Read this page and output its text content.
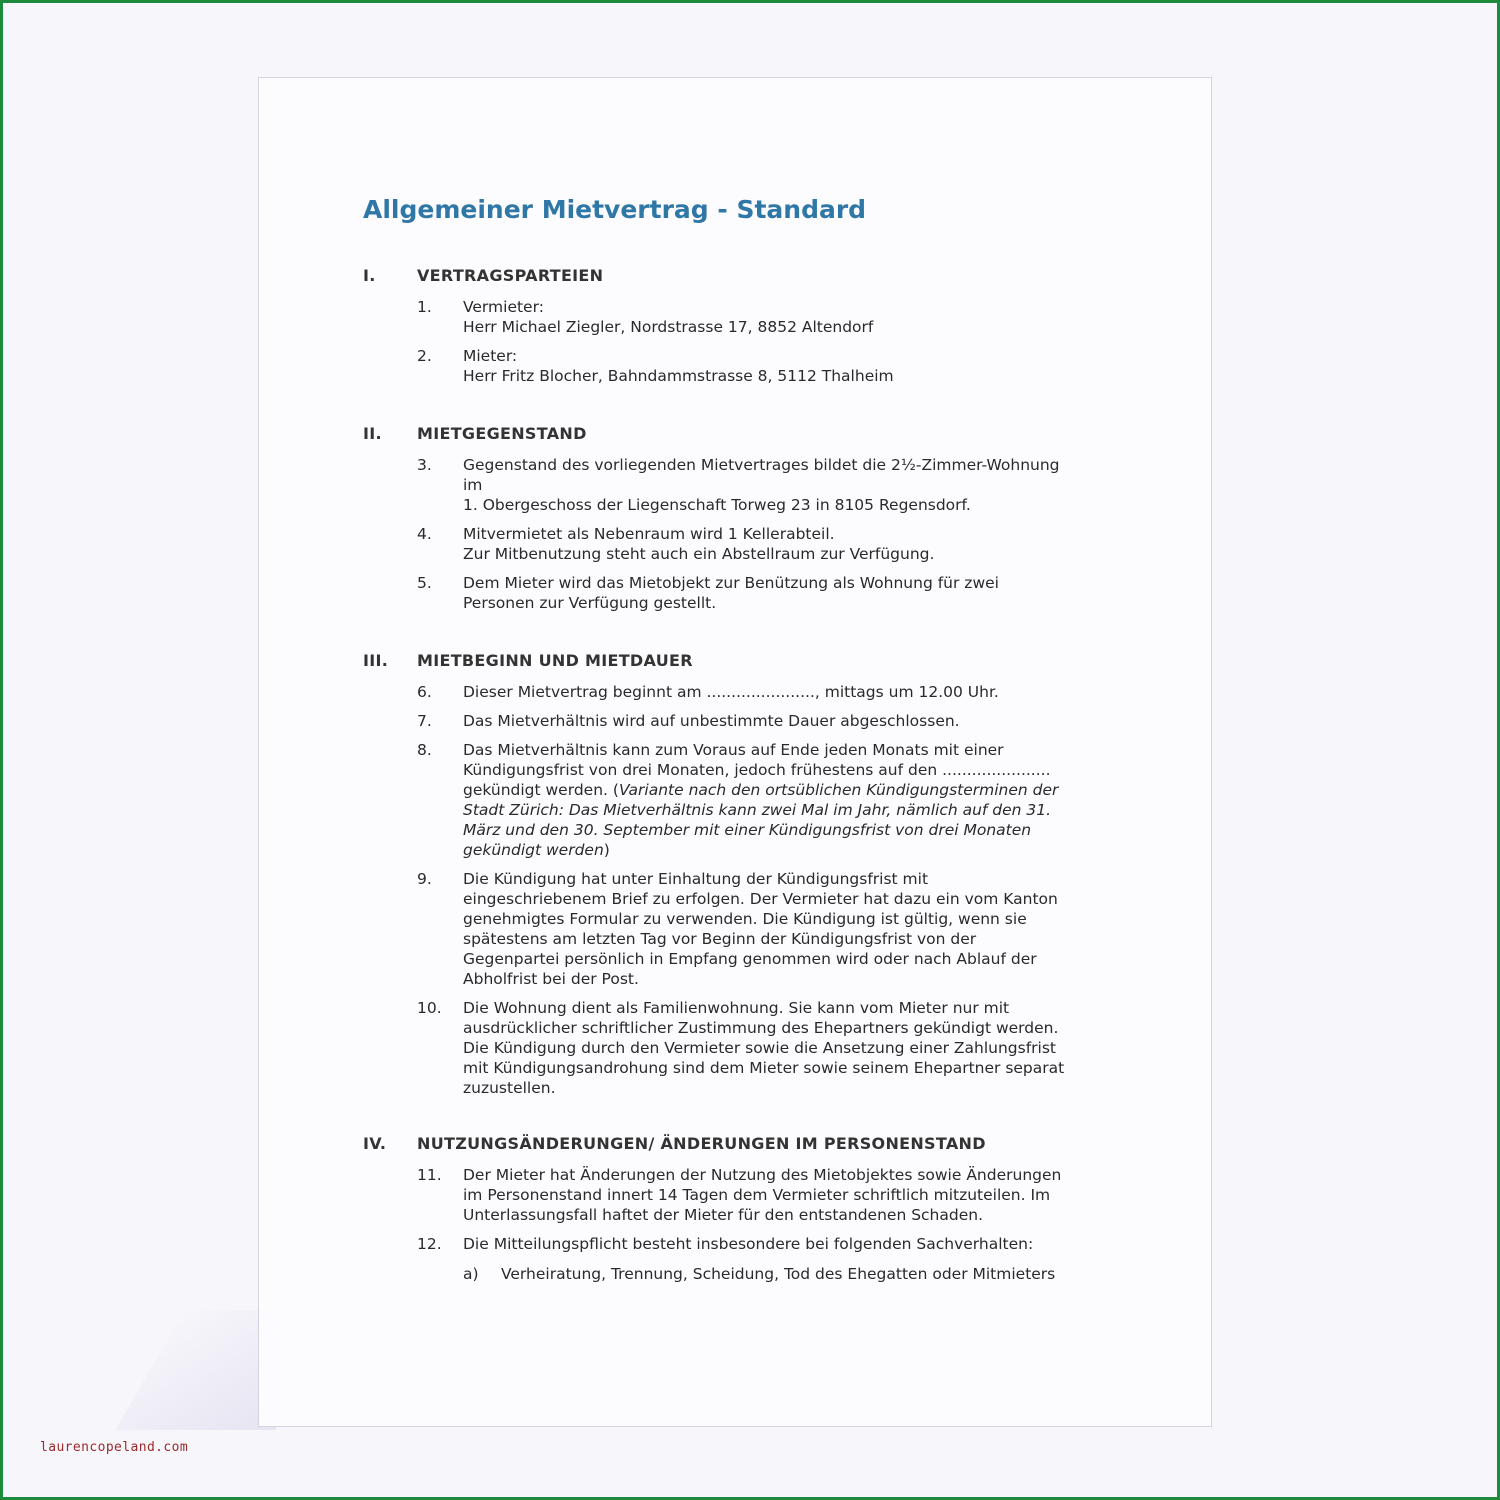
Allgemeiner Mietvertrag - Standard
I.	VERTRAGSPARTEIEN
1. Vermieter:
Herr Michael Ziegler, Nordstrasse 17, 8852 Altendorf
2. Mieter:
Herr Fritz Blocher, Bahndammstrasse 8, 5112 Thalheim
II. MIETGEGENSTAND
3. Gegenstand des vorliegenden Mietvertrages bildet die 2½-Zimmer-Wohnung
im
1. Obergeschoss der Liegenschaft Torweg 23 in 8105 Regensdorf.
4. Mitvermietet als Nebenraum wird 1 Kellerabteil.
Zur Mitbenutzung steht auch ein Abstellraum zur Verfügung.
5. Dem Mieter wird das Mietobjekt zur Benützung als Wohnung für zwei
Personen zur Verfügung gestellt.
III. MIETBEGINN UND MIETDAUER
6. Dieser Mietvertrag beginnt am ......................, mittags um 12.00 Uhr.
7. Das Mietverhältnis wird auf unbestimmte Dauer abgeschlossen.
8. Das Mietverhältnis kann zum Voraus auf Ende jeden Monats mit einer
Kündigungsfrist von drei Monaten, jedoch frühestens auf den ......................
gekündigt werden. (Variante nach den ortsüblichen Kündigungsterminen der
Stadt Zürich: Das Mietverhältnis kann zwei Mal im Jahr, nämlich auf den 31.
März und den 30. September mit einer Kündigungsfrist von drei Monaten
gekündigt werden)
9. Die Kündigung hat unter Einhaltung der Kündigungsfrist mit
eingeschriebenem Brief zu erfolgen. Der Vermieter hat dazu ein vom Kanton
genehmigtes Formular zu verwenden. Die Kündigung ist gültig, wenn sie
spätestens am letzten Tag vor Beginn der Kündigungsfrist von der
Gegenpartei persönlich in Empfang genommen wird oder nach Ablauf der
Abholfrist bei der Post.
10. Die Wohnung dient als Familienwohnung. Sie kann vom Mieter nur mit
ausdrücklicher schriftlicher Zustimmung des Ehepartners gekündigt werden.
Die Kündigung durch den Vermieter sowie die Ansetzung einer Zahlungsfrist
mit Kündigungsandrohung sind dem Mieter sowie seinem Ehepartner separat
zuzustellen.
IV. NUTZUNGSÄNDERUNGEN/ ÄNDERUNGEN IM PERSONENSTAND
11. Der Mieter hat Änderungen der Nutzung des Mietobjektes sowie Änderungen
im Personenstand innert 14 Tagen dem Vermieter schriftlich mitzuteilen. Im
Unterlassungsfall haftet der Mieter für den entstandenen Schaden.
12. Die Mitteilungspflicht besteht insbesondere bei folgenden Sachverhalten:
a) Verheiratung, Trennung, Scheidung, Tod des Ehegatten oder Mitmieters
laurencopeland.com
